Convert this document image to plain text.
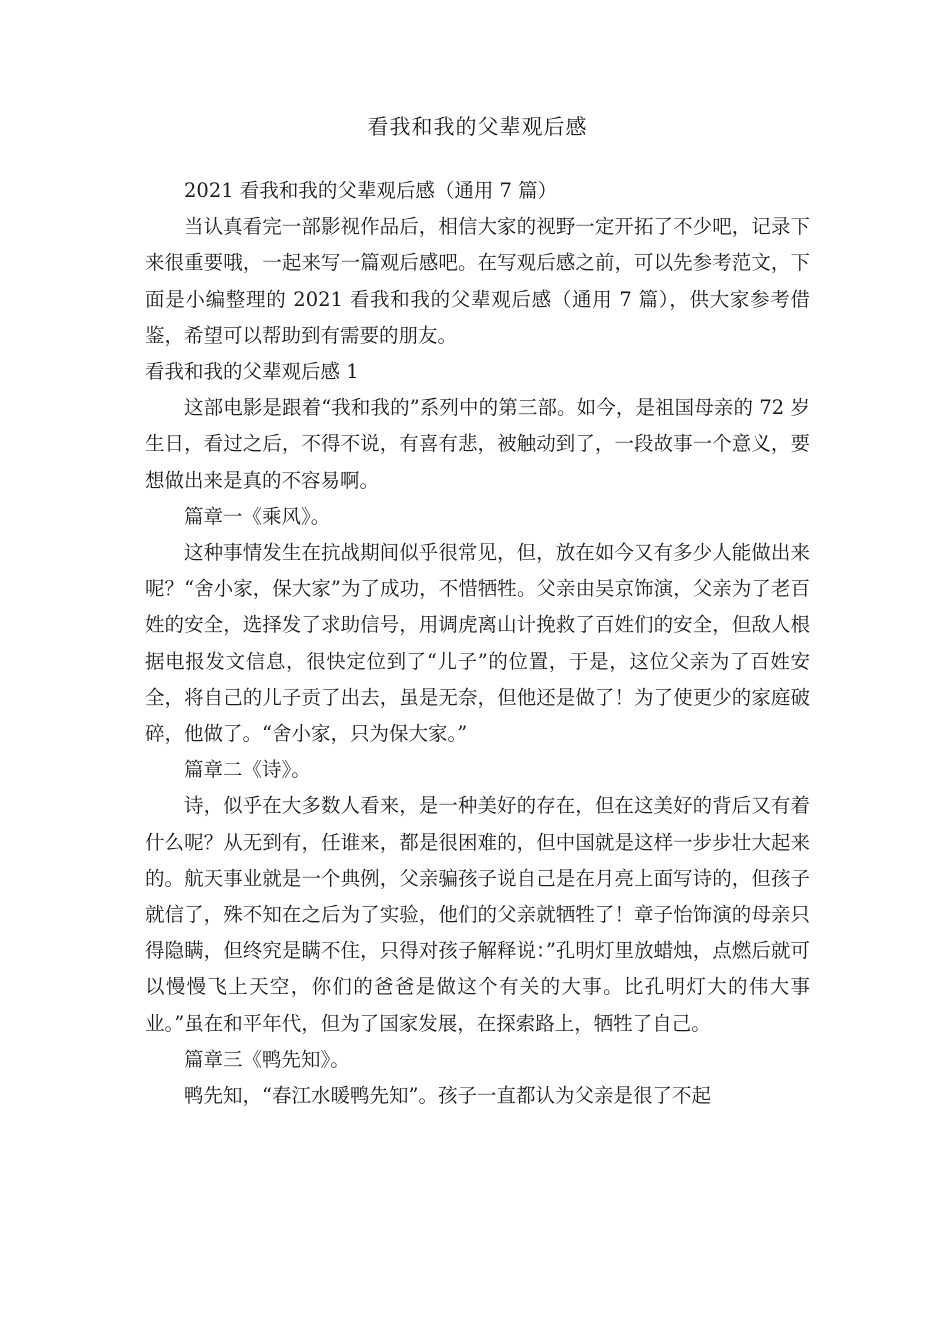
看我和我的父辈观后感

2021 看我和我的父辈观后感（通用 7 篇）

当认真看完一部影视作品后，相信大家的视野一定开拓了不少吧，记录下来很重要哦，一起来写一篇观后感吧。在写观后感之前，可以先参考范文，下面是小编整理的 2021 看我和我的父辈观后感（通用 7 篇），供大家参考借鉴，希望可以帮助到有需要的朋友。

看我和我的父辈观后感 1

这部电影是跟着“我和我的”系列中的第三部。如今，是祖国母亲的 72 岁生日，看过之后，不得不说，有喜有悲，被触动到了，一段故事一个意义，要想做出来是真的不容易啊。

篇章一《乘风》。

这种事情发生在抗战期间似乎很常见，但，放在如今又有多少人能做出来呢？“舍小家，保大家”为了成功，不惜牺牲。父亲由吴京饰演，父亲为了老百姓的安全，选择发了求助信号，用调虎离山计挽救了百姓们的安全，但敌人根据电报发文信息，很快定位到了“儿子”的位置，于是，这位父亲为了百姓安全，将自己的儿子贡了出去，虽是无奈，但他还是做了！为了使更少的家庭破碎，他做了。“舍小家，只为保大家。”

篇章二《诗》。

诗，似乎在大多数人看来，是一种美好的存在，但在这美好的背后又有着什么呢？从无到有，任谁来，都是很困难的，但中国就是这样一步步壮大起来的。航天事业就是一个典例，父亲骗孩子说自己是在月亮上面写诗的，但孩子就信了，殊不知在之后为了实验，他们的父亲就牺牲了！章子怡饰演的母亲只得隐瞒，但终究是瞒不住，只得对孩子解释说：”孔明灯里放蜡烛，点燃后就可以慢慢飞上天空，你们的爸爸是做这个有关的大事。比孔明灯大的伟大事业。”虽在和平年代，但为了国家发展，在探索路上，牺牲了自己。

篇章三《鸭先知》。

鸭先知，“春江水暖鸭先知”。孩子一直都认为父亲是很了不起
